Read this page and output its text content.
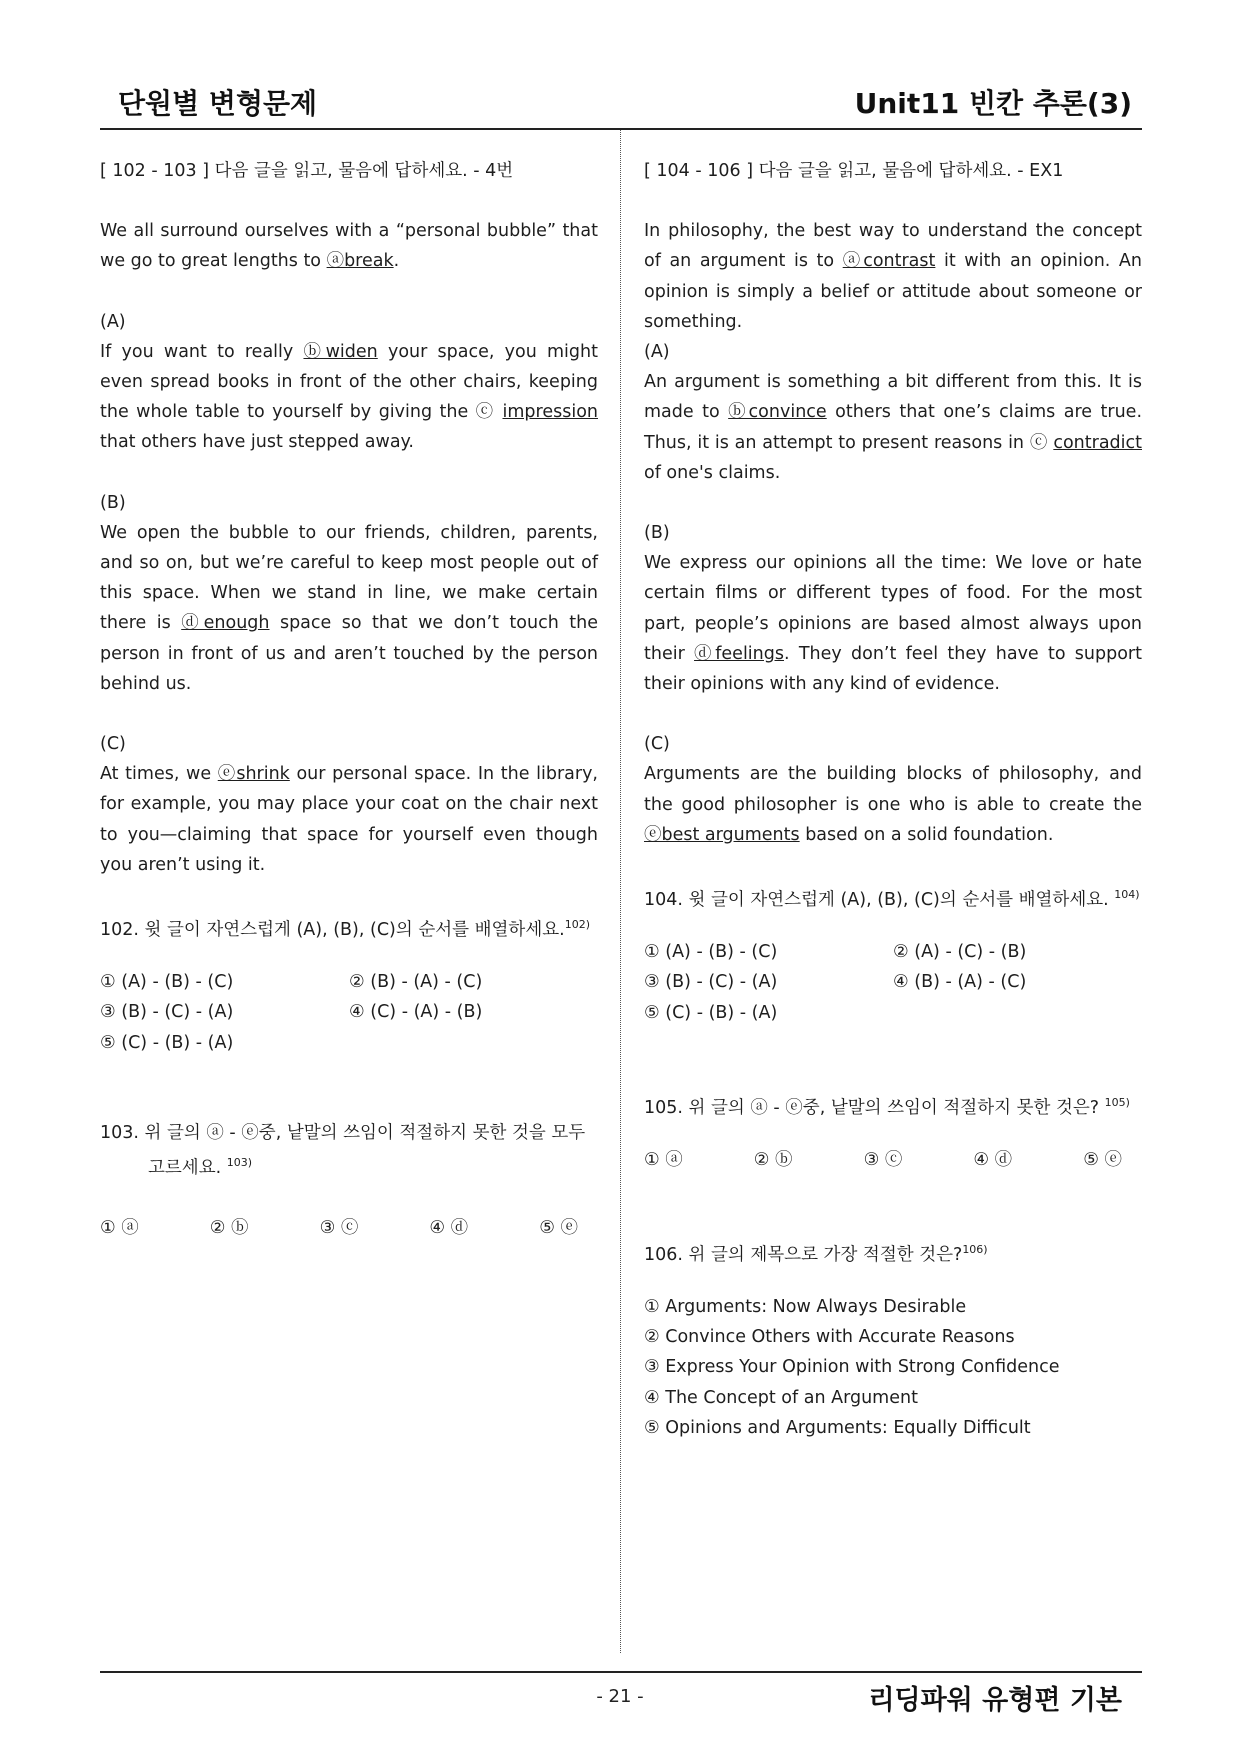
단원별 변형문제	Unit11 빈칸 추론(3)

[ 102 - 103 ] 다음 글을 읽고, 물음에 답하세요. - 4번

We all surround ourselves with a “personal bubble” that we go to great lengths to ⓐbreak.

(A)

If you want to really ⓑwiden your space, you might even spread books in front of the other chairs, keeping the whole table to yourself by giving the ⓒ impression that others have just stepped away.

(B)

We open the bubble to our friends, children, parents, and so on, but we’re careful to keep most people out of this space. When we stand in line, we make certain there is ⓓenough space so that we don’t touch the person in front of us and aren’t touched by the person behind us.

(C)

At times, we ⓔshrink our personal space. In the library, for example, you may place your coat on the chair next to you—claiming that space for yourself even though you aren’t using it.

102. 윗 글이 자연스럽게 (A), (B), (C)의 순서를 배열하세요.$^{102)}$

① (A) - (B) - (C)	② (B) - (A) - (C)
③ (B) - (C) - (A)	④ (C) - (A) - (B)
⑤ (C) - (B) - (A)

103. 위 글의 ⓐ - ⓔ중, 낱말의 쓰임이 적절하지 못한 것을 모두 고르세요. $^{103)}$

① ⓐ	② ⓑ	③ ⓒ	④ ⓓ	⑤ ⓔ

[ 104 - 106 ] 다음 글을 읽고, 물음에 답하세요. - EX1

In philosophy, the best way to understand the concept of an argument is to ⓐcontrast it with an opinion. An opinion is simply a belief or attitude about someone or something.

(A)

An argument is something a bit different from this. It is made to ⓑconvince others that one’s claims are true. Thus, it is an attempt to present reasons in ⓒ contradict of one's claims.

(B)

We express our opinions all the time: We love or hate certain films or different types of food. For the most part, people’s opinions are based almost always upon their ⓓfeelings. They don’t feel they have to support their opinions with any kind of evidence.

(C)

Arguments are the building blocks of philosophy, and the good philosopher is one who is able to create the ⓔbest arguments based on a solid foundation.

104. 윗 글이 자연스럽게 (A), (B), (C)의 순서를 배열하세요. $^{104)}$

① (A) - (B) - (C)	② (A) - (C) - (B)
③ (B) - (C) - (A)	④ (B) - (A) - (C)
⑤ (C) - (B) - (A)

105. 위 글의 ⓐ - ⓔ중, 낱말의 쓰임이 적절하지 못한 것은? $^{105)}$

① ⓐ	② ⓑ	③ ⓒ	④ ⓓ	⑤ ⓔ

106. 위 글의 제목으로 가장 적절한 것은?$^{106)}$

① Arguments: Now Always Desirable

② Convince Others with Accurate Reasons

③ Express Your Opinion with Strong Confidence

④ The Concept of an Argument

⑤ Opinions and Arguments: Equally Difficult

- 21 -	리딩파워 유형편 기본
